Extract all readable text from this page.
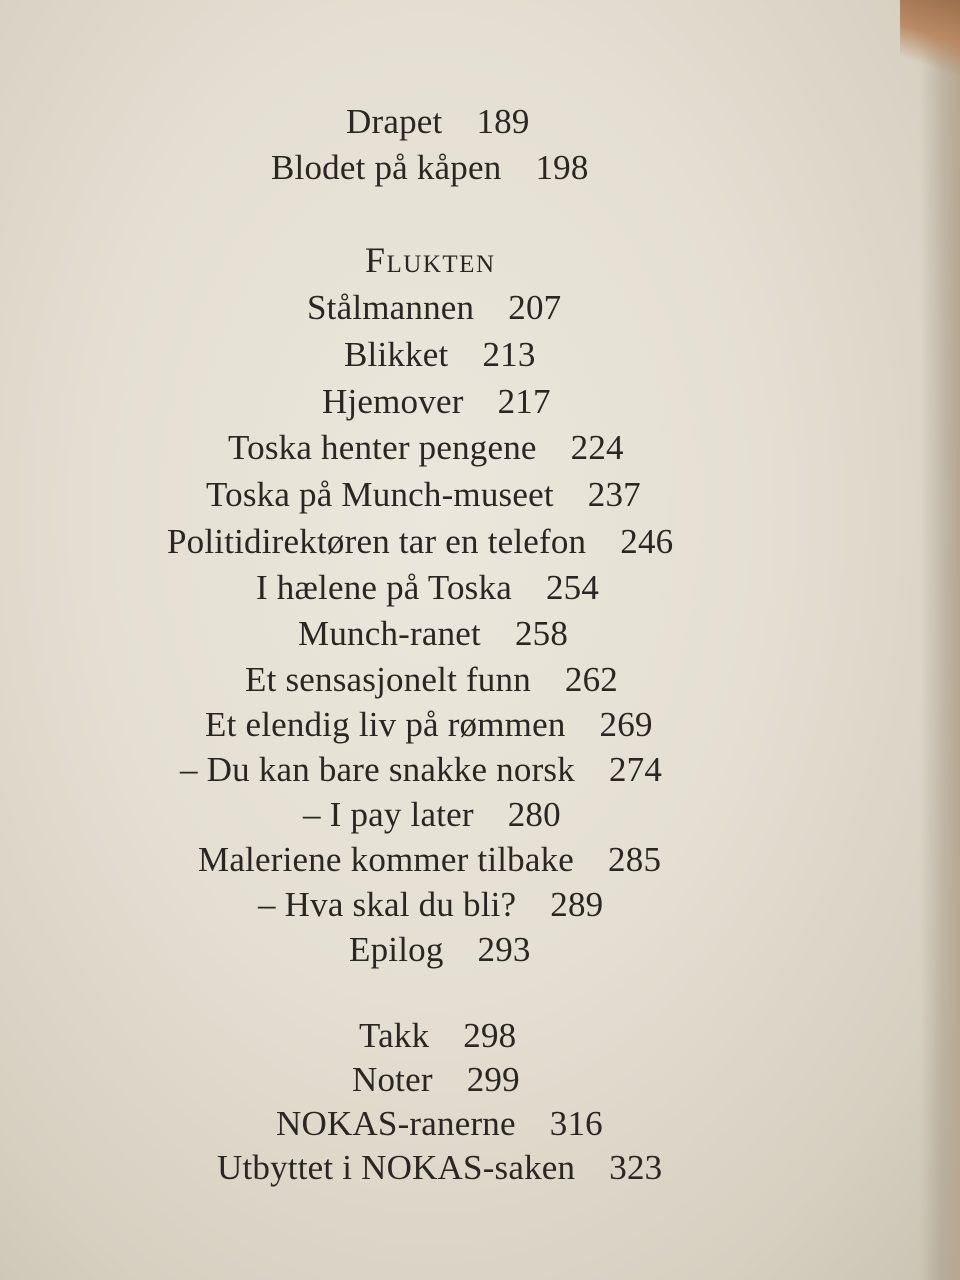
Drapet 189
Blodet på kåpen 198
Flukten
Stålmannen 207
Blikket 213
Hjemover 217
Toska henter pengene 224
Toska på Munch-museet 237
Politidirektøren tar en telefon 246
I hælene på Toska 254
Munch-ranet 258
Et sensasjonelt funn 262
Et elendig liv på rømmen 269
– Du kan bare snakke norsk 274
– I pay later 280
Maleriene kommer tilbake 285
– Hva skal du bli? 289
Epilog 293
Takk 298
Noter 299
NOKAS-ranerne 316
Utbyttet i NOKAS-saken 323
